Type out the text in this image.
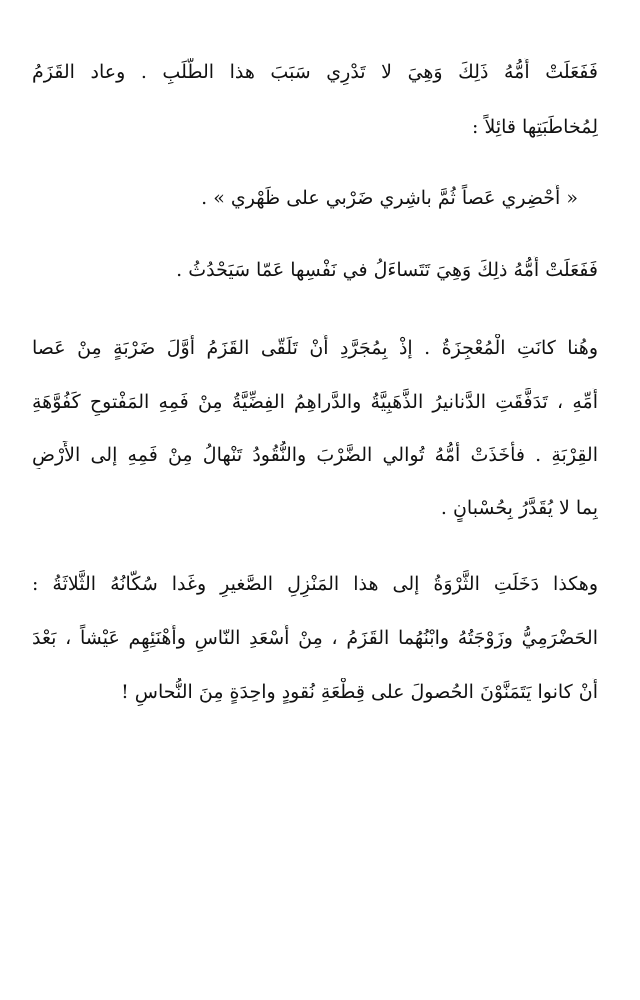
فَفَعَلَتْ أُمُّهُ ذَلِكَ وَهِيَ لا تَدْرِي سَبَبَ هذا الطَّلَبِ . وعاد القَزَمُ
لِمُخاطَبَتِها قائِلاً :
« أَحْضِري عَصاً ثُمَّ باشِري ضَرْبي على ظَهْري » .
فَفَعَلَتْ أُمُّهُ ذلِكَ وَهِيَ تَتَساءَلُ في نَفْسِها عَمّا سَيَحْدُثُ .
وهُنا كانَتِ الْمُعْجِزَةُ . إذْ بِمُجَرَّدِ أَنْ تَلَقّى القَزَمُ أَوَّلَ ضَرْبَةٍ مِنْ عَصا
أُمِّهِ ، تَدَفَّقَتِ الدَّنانيرُ الذَّهَبِيَّةُ والدَّراهِمُ الفِضِّيَّةُ مِنْ فَمِهِ المَفْتوحِ كَفُوَّهَةِ
القِرْبَةِ . فأَخَذَتْ أُمُّهُ تُوالي الضَّرْبَ والنُّقُودُ تَنْهالُ مِنْ فَمِهِ إلى الأَرْضِ
بِما لا يُقَدَّرُ بِحُسْبانٍ .
وهكذا دَخَلَتِ الثَّرْوَةُ إلى هذا المَنْزِلِ الصَّغيرِ وغَدا سُكّانُهُ الثَّلاثَةُ :
الحَضْرَمِيُّ وزَوْجَتُهُ وابْنُهُما القَزَمُ ، مِنْ أَسْعَدِ النّاسِ وأَهْنَئِهِم عَيْشاً ، بَعْدَ
أَنْ كانوا يَتَمَنَّوْنَ الحُصولَ على قِطْعَةِ نُقودٍ واحِدَةٍ مِنَ النُّحاسِ !
